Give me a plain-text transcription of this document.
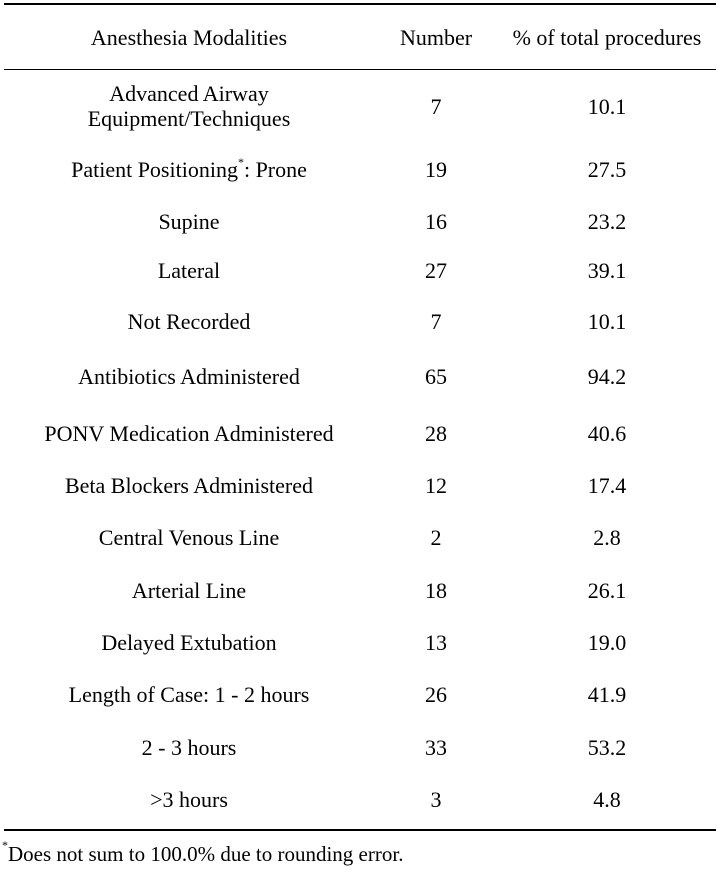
Anesthesia Modalities	Number	% of total procedures
Advanced Airway Equipment/Techniques	7	10.1
Patient Positioning*: Prone	19	27.5
Supine	16	23.2
Lateral	27	39.1
Not Recorded	7	10.1
Antibiotics Administered	65	94.2
PONV Medication Administered	28	40.6
Beta Blockers Administered	12	17.4
Central Venous Line	2	2.8
Arterial Line	18	26.1
Delayed Extubation	13	19.0
Length of Case: 1 - 2 hours	26	41.9
2 - 3 hours	33	53.2
>3 hours	3	4.8
*Does not sum to 100.0% due to rounding error.
